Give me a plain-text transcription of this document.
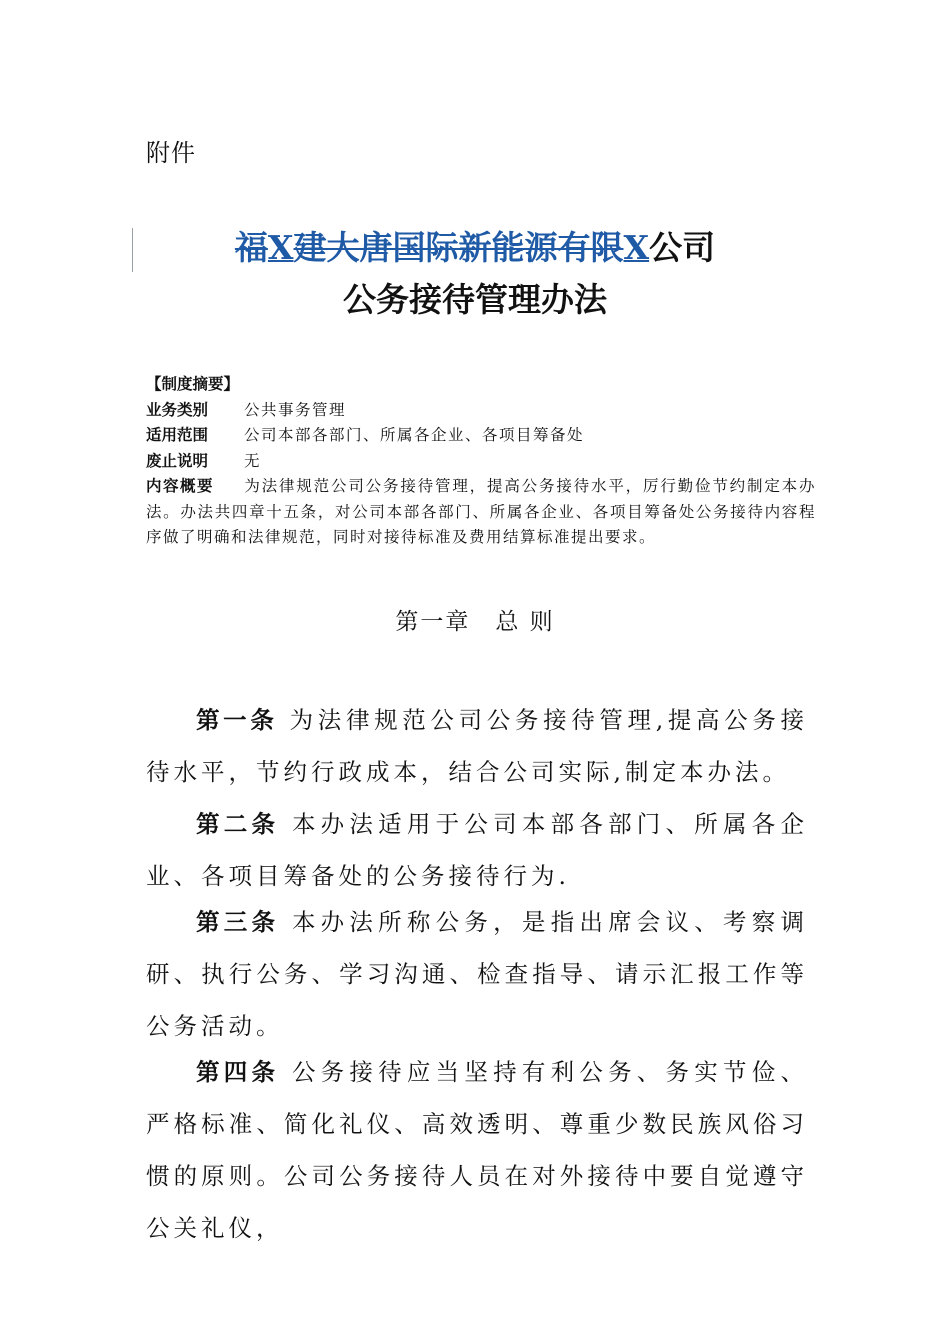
附件
福X建大唐国际新能源有限X公司
公务接待管理办法
【制度摘要】
业务类别 公共事务管理
适用范围 公司本部各部门、所属各企业、各项目筹备处
废止说明 无
内容概要 为法律规范公司公务接待管理，提高公务接待水平，厉行勤俭节约制定本办法。办法共四章十五条，对公司本部各部门、所属各企业、各项目筹备处公务接待内容程序做了明确和法律规范，同时对接待标准及费用结算标准提出要求。
第一章　总 则
第一条 为法律规范公司公务接待管理,提高公务接待水平，节约行政成本，结合公司实际,制定本办法。
第二条 本办法适用于公司本部各部门、所属各企业、各项目筹备处的公务接待行为.
第三条 本办法所称公务，是指出席会议、考察调研、执行公务、学习沟通、检查指导、请示汇报工作等公务活动。
第四条 公务接待应当坚持有利公务、务实节俭、严格标准、简化礼仪、高效透明、尊重少数民族风俗习惯的原则。公司公务接待人员在对外接待中要自觉遵守公关礼仪，
